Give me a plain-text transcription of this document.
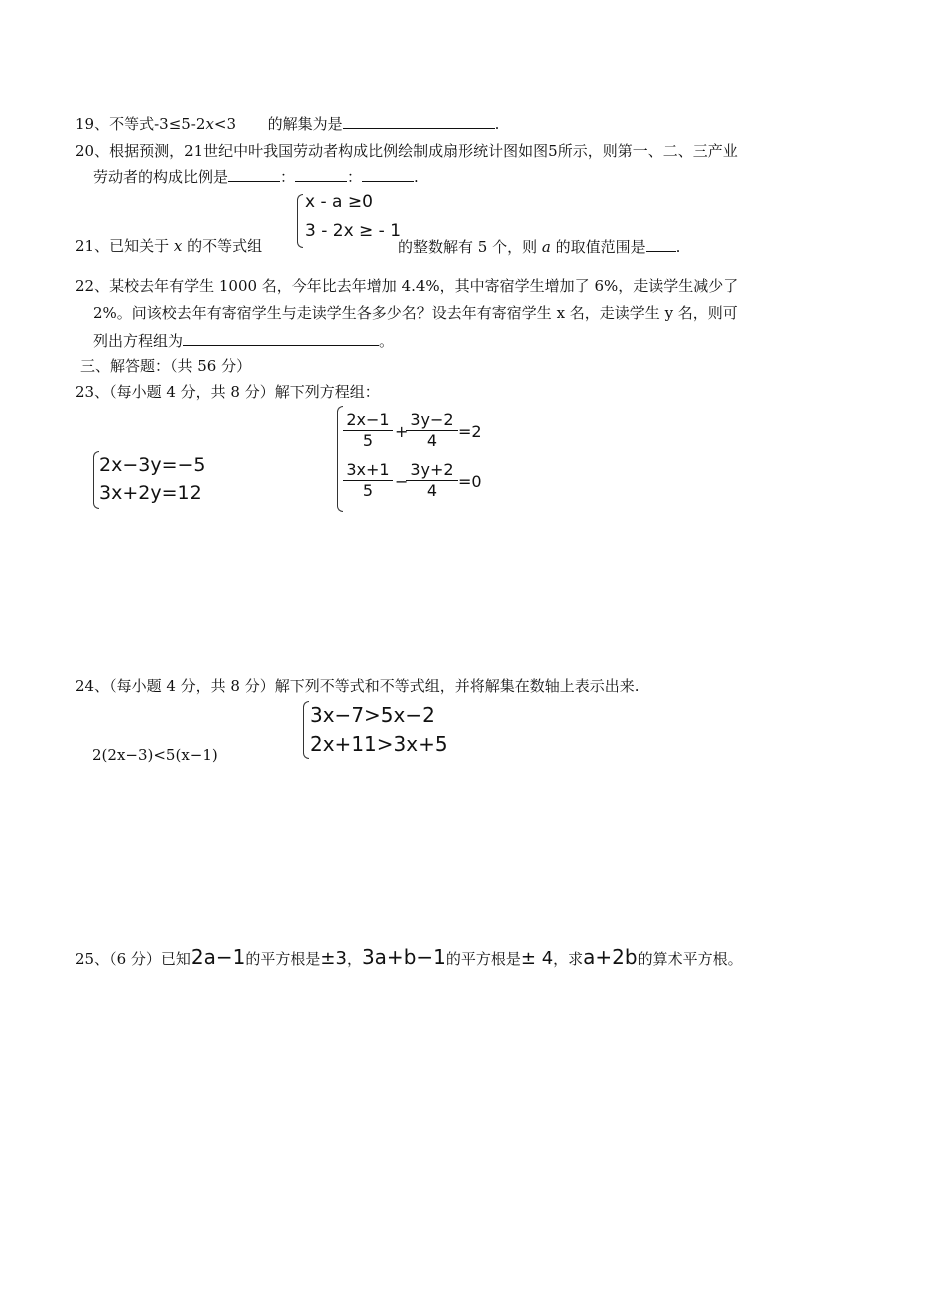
19、不等式-3≤5-2x<3 的解集为是	.
20、根据预测，21世纪中叶我国劳动者构成比例绘制成扇形统计图如图5所示，则第一、二、三产业
劳动者的构成比例是	：	：	.
21、已知关于 x 的不等式组
x - a ≥0
3 - 2x ≥ - 1
的整数解有 5 个，则 a 的取值范围是 .
22、某校去年有学生 1000 名，今年比去年增加 4.4%，其中寄宿学生增加了 6%，走读学生减少了
2%。问该校去年有寄宿学生与走读学生各多少名？设去年有寄宿学生 x 名，走读学生 y 名，则可
列出方程组为	。
三、解答题：（共 56 分）
23、（每小题 4 分，共 8 分）解下列方程组：
2x−3y=−5
3x+2y=12
$\frac{2x-1}{5}$ +
$\frac{3y-2}{4} =2$
$\frac{3x+1}{5}$ −
$\frac{3y+2}{4} =0$
24、（每小题 4 分，共 8 分）解下列不等式和不等式组，并将解集在数轴上表示出来.
2(2x−3)<5(x−1)
3x−7>5x−2
2x+11>3x+5
25、（6 分）已知2a−1的平方根是±3，3a+b−1的平方根是± 4，求a+2b的算术平方根。
